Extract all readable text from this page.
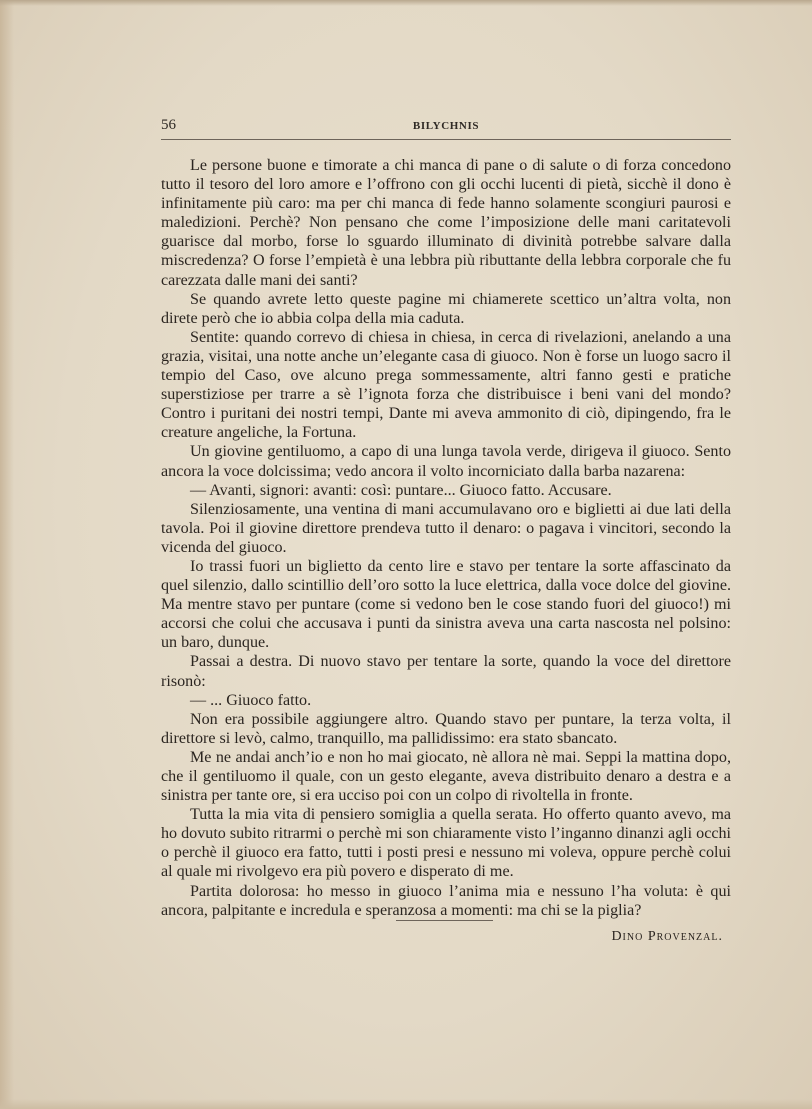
56	BILYCHNIS

Le persone buone e timorate a chi manca di pane o di salute o di forza concedono tutto il tesoro del loro amore e l’offrono con gli occhi lucenti di pietà, sicchè il dono è infinitamente più caro: ma per chi manca di fede hanno solamente scongiuri paurosi e maledizioni. Perchè? Non pensano che come l’imposizione delle mani caritatevoli guarisce dal morbo, forse lo sguardo illuminato di divinità potrebbe salvare dalla miscredenza? O forse l’empietà è una lebbra più ributtante della lebbra corporale che fu carezzata dalle mani dei santi?

Se quando avrete letto queste pagine mi chiamerete scettico un’altra volta, non direte però che io abbia colpa della mia caduta.

Sentite: quando correvo di chiesa in chiesa, in cerca di rivelazioni, anelando a una grazia, visitai, una notte anche un’elegante casa di giuoco. Non è forse un luogo sacro il tempio del Caso, ove alcuno prega sommessamente, altri fanno gesti e pratiche superstiziose per trarre a sè l’ignota forza che distribuisce i beni vani del mondo? Contro i puritani dei nostri tempi, Dante mi aveva ammonito di ciò, dipingendo, fra le creature angeliche, la Fortuna.

Un giovine gentiluomo, a capo di una lunga tavola verde, dirigeva il giuoco. Sento ancora la voce dolcissima; vedo ancora il volto incorniciato dalla barba nazarena:

— Avanti, signori: avanti: così: puntare... Giuoco fatto. Accusare.

Silenziosamente, una ventina di mani accumulavano oro e biglietti ai due lati della tavola. Poi il giovine direttore prendeva tutto il denaro: o pagava i vincitori, secondo la vicenda del giuoco.

Io trassi fuori un biglietto da cento lire e stavo per tentare la sorte affascinato da quel silenzio, dallo scintillio dell’oro sotto la luce elettrica, dalla voce dolce del giovine. Ma mentre stavo per puntare (come si vedono ben le cose stando fuori del giuoco!) mi accorsi che colui che accusava i punti da sinistra aveva una carta nascosta nel polsino: un baro, dunque.

Passai a destra. Di nuovo stavo per tentare la sorte, quando la voce del direttore risonò:

— ... Giuoco fatto.

Non era possibile aggiungere altro. Quando stavo per puntare, la terza volta, il direttore si levò, calmo, tranquillo, ma pallidissimo: era stato sbancato.

Me ne andai anch’io e non ho mai giocato, nè allora nè mai. Seppi la mattina dopo, che il gentiluomo il quale, con un gesto elegante, aveva distribuito denaro a destra e a sinistra per tante ore, si era ucciso poi con un colpo di rivoltella in fronte.

Tutta la mia vita di pensiero somiglia a quella serata. Ho offerto quanto avevo, ma ho dovuto subito ritrarmi o perchè mi son chiaramente visto l’inganno dinanzi agli occhi o perchè il giuoco era fatto, tutti i posti presi e nessuno mi voleva, oppure perchè colui al quale mi rivolgevo era più povero e disperato di me.

Partita dolorosa: ho messo in giuoco l’anima mia e nessuno l’ha voluta: è qui ancora, palpitante e incredula e speranzosa a momenti: ma chi se la piglia?

Dino Provenzal.
